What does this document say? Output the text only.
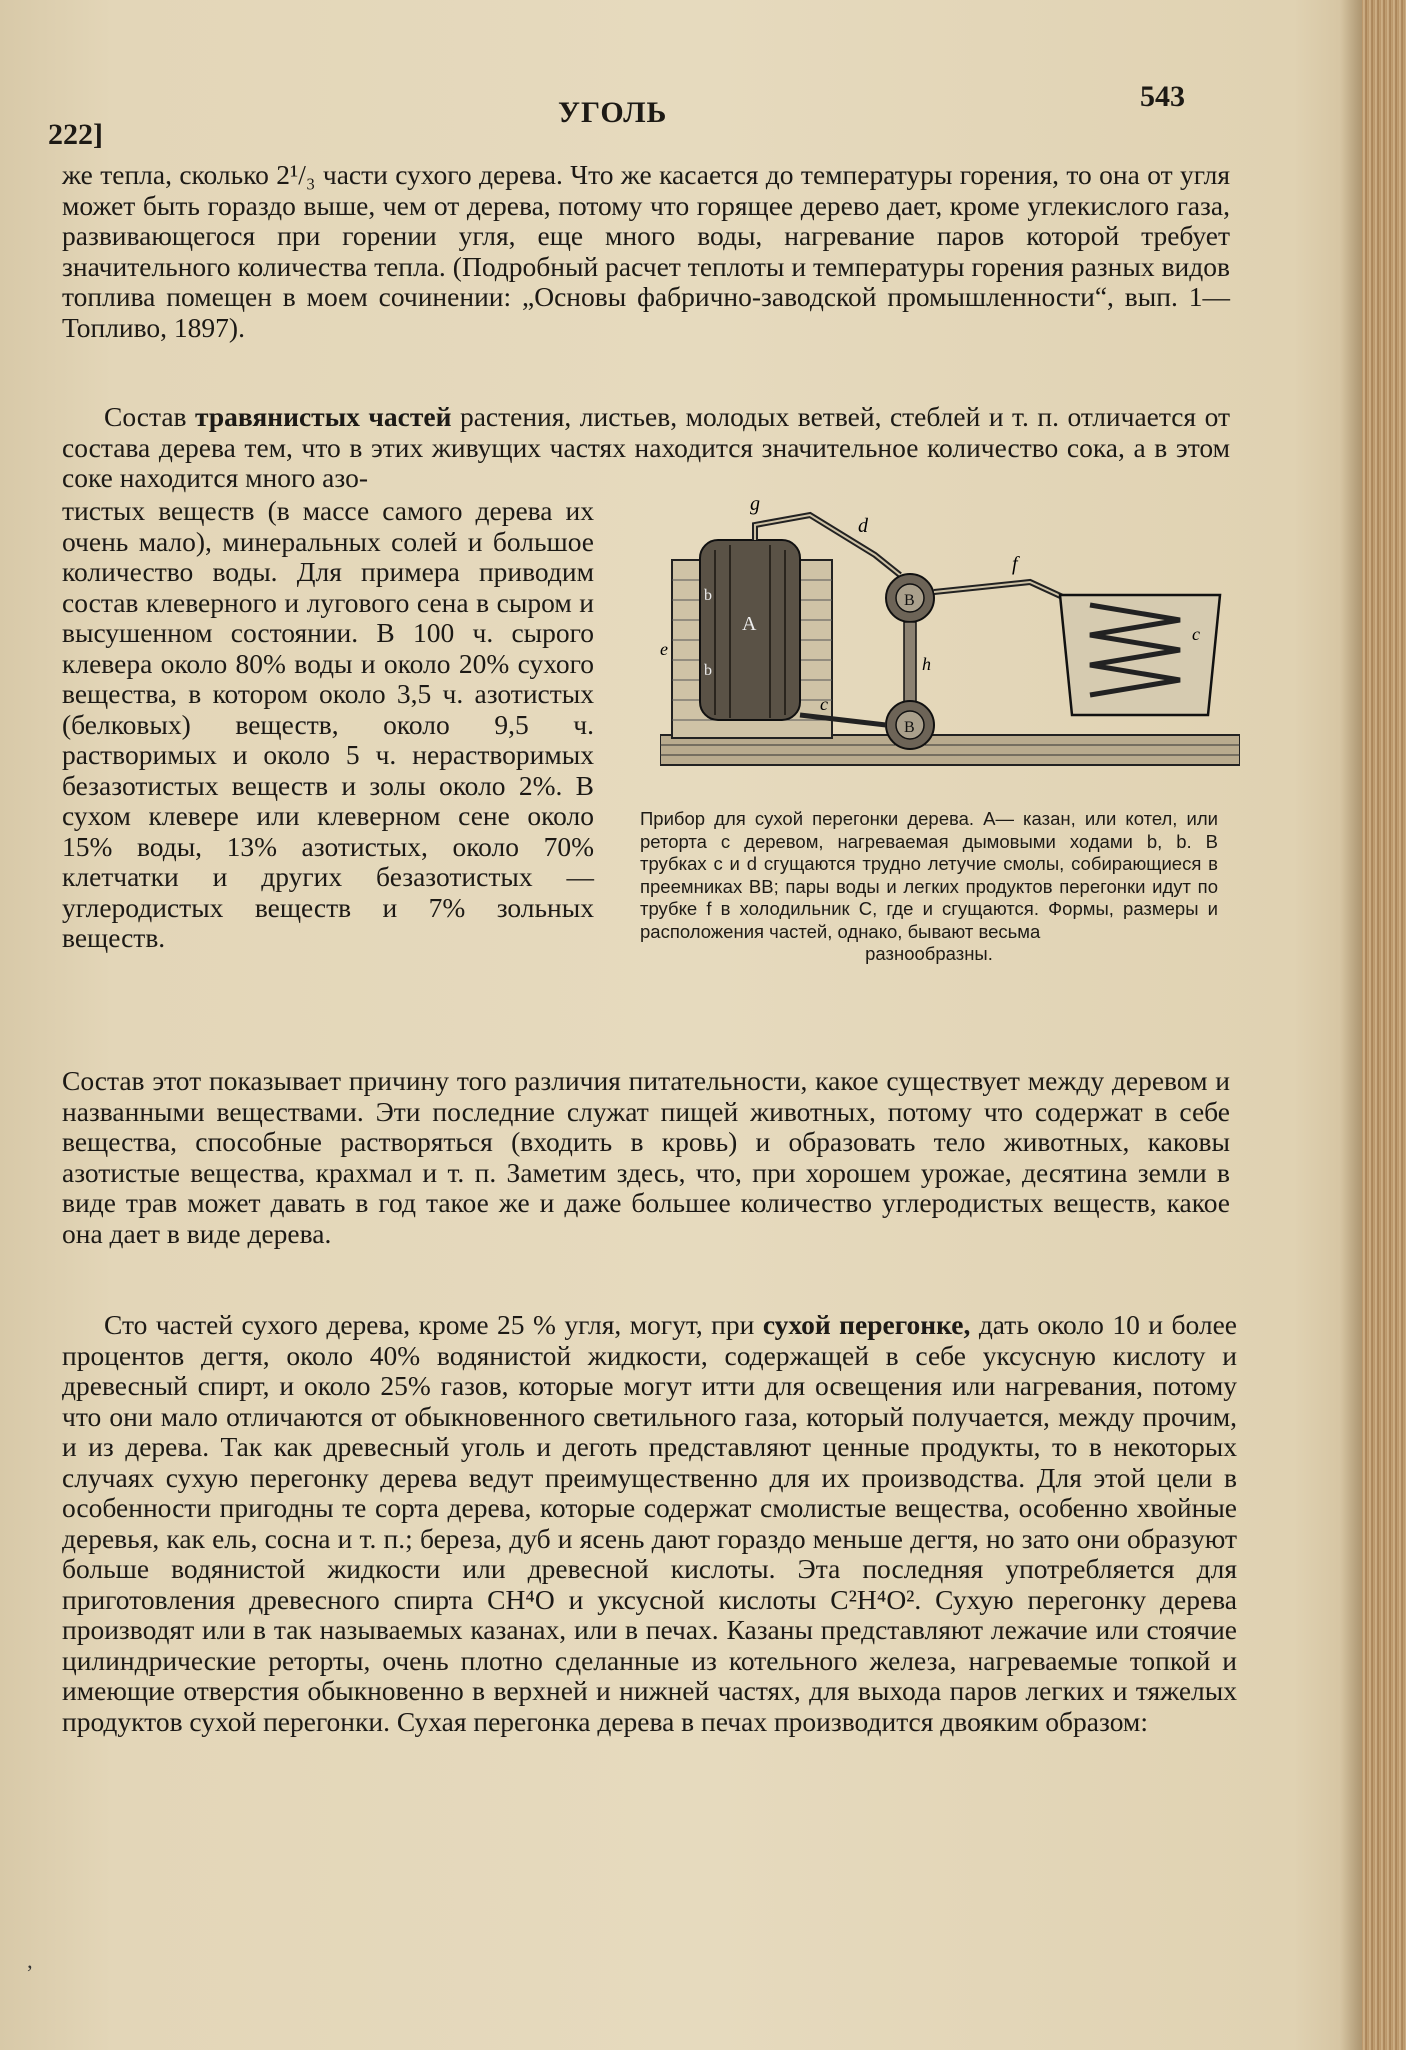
222]
УГОЛЬ	543

же тепла, сколько 2¹/₃ части сухого дерева. Что же касается до температуры горения, то она от угля может быть гораздо выше, чем от дерева, потому что горящее дерево дает, кроме углекислого газа, развивающегося при горении угля, еще много воды, нагревание паров которой требует значительного количества тепла. (Подробный расчет теплоты и температуры горения разных видов топлива помещен в моем сочинении: „Основы фабрично-заводской промышленности“, вып. 1—Топливо, 1897).

Состав травянистых частей растения, листьев, молодых ветвей, стеблей и т. п. отличается от состава дерева тем, что в этих живущих частях находится значительное количество сока, а в этом соке находится много азо-

тистых веществ (в массе самого дерева их очень мало), минеральных солей и большое количество воды. Для примера приводим состав клеверного и лугового сена в сыром и высушенном состоянии. В 100 ч. сырого клевера около 80% воды и около 20% сухого вещества, в котором около 3,5 ч. азотистых (белковых) веществ, около 9,5 ч. растворимых и около 5 ч. нерастворимых безазотистых веществ и золы около 2%. В сухом клевере или клеверном сене около 15% воды, 13% азотистых, около 70% клетчатки и других безазотистых — углеродистых веществ и 7% зольных веществ.

g
d
f
A
b
b
e
c
c
h
B
B
Прибор для сухой перегонки дерева. A— казан, или котел, или реторта с деревом, нагреваемая дымовыми ходами b, b. В трубках c и d сгущаются трудно летучие смолы, собирающиеся в преемниках BB; пары воды и легких продуктов перегонки идут по трубке f в холодильник C, где и сгущаются. Формы, размеры и расположения частей, однако, бывают весьма
разнообразны.

Состав этот показывает причину того различия питательности, какое существует между деревом и названными веществами. Эти последние служат пищей животных, потому что содержат в себе вещества, способные растворяться (входить в кровь) и образовать тело животных, каковы азотистые вещества, крахмал и т. п. Заметим здесь, что, при хорошем урожае, десятина земли в виде трав может давать в год такое же и даже большее количество углеродистых веществ, какое она дает в виде дерева.

Сто частей сухого дерева, кроме 25 % угля, могут, при сухой перегонке, дать около 10 и более процентов дегтя, около 40% водянистой жидкости, содержащей в себе уксусную кислоту и древесный спирт, и около 25% газов, которые могут итти для освещения или нагревания, потому что они мало отличаются от обыкновенного светильного газа, который получается, между прочим, и из дерева. Так как древесный уголь и деготь представляют ценные продукты, то в некоторых случаях сухую перегонку дерева ведут преимущественно для их производства. Для этой цели в особенности пригодны те сорта дерева, которые содержат смолистые вещества, особенно хвойные деревья, как ель, сосна и т. п.; береза, дуб и ясень дают гораздо меньше дегтя, но зато они образуют больше водянистой жидкости или древесной кислоты. Эта последняя употребляется для приготовления древесного спирта CH⁴O и уксусной кислоты C²H⁴O². Сухую перегонку дерева производят или в так называемых казанах, или в печах. Казаны представляют лежачие или стоячие цилиндрические реторты, очень плотно сделанные из котельного железа, нагреваемые топкой и имеющие отверстия обыкновенно в верхней и нижней частях, для выхода паров легких и тяжелых продуктов сухой перегонки. Сухая перегонка дерева в печах производится двояким образом:

’
